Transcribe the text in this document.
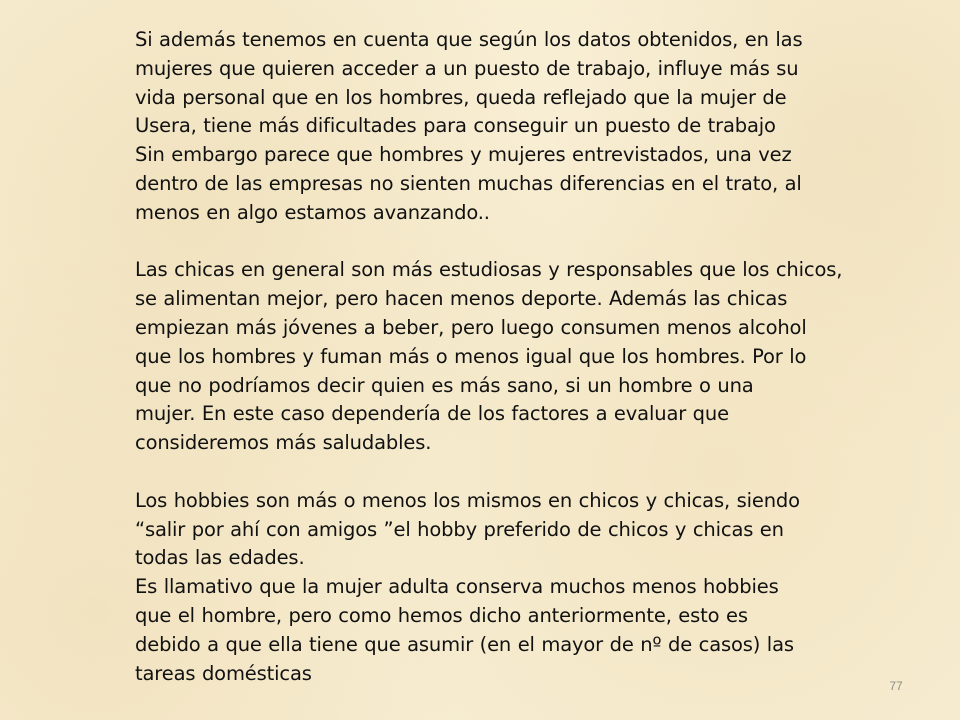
Si además tenemos en cuenta que según los datos obtenidos, en las
mujeres que quieren acceder a un puesto de trabajo, influye más su
vida personal que en los hombres, queda reflejado que la mujer de
Usera, tiene más dificultades para conseguir un puesto de trabajo
Sin embargo parece que hombres y mujeres entrevistados, una vez
dentro de las empresas no sienten muchas diferencias en el trato, al
menos en algo estamos avanzando..
Las chicas en general son más estudiosas y responsables que los chicos,
se alimentan mejor, pero hacen menos deporte. Además las chicas
empiezan más jóvenes a beber, pero luego consumen menos alcohol
que los hombres y fuman más o menos igual que los hombres. Por lo
que no podríamos decir quien es más sano, si un hombre o una
mujer. En este caso dependería de los factores a evaluar que
consideremos más saludables.
Los hobbies son más o menos los mismos en chicos y chicas, siendo
“salir por ahí con amigos ”el hobby preferido de chicos y chicas en
todas las edades.
Es llamativo que la mujer adulta conserva muchos menos hobbies
que el hombre, pero como hemos dicho anteriormente, esto es
debido a que ella tiene que asumir (en el mayor de nº de casos) las
tareas domésticas
77
